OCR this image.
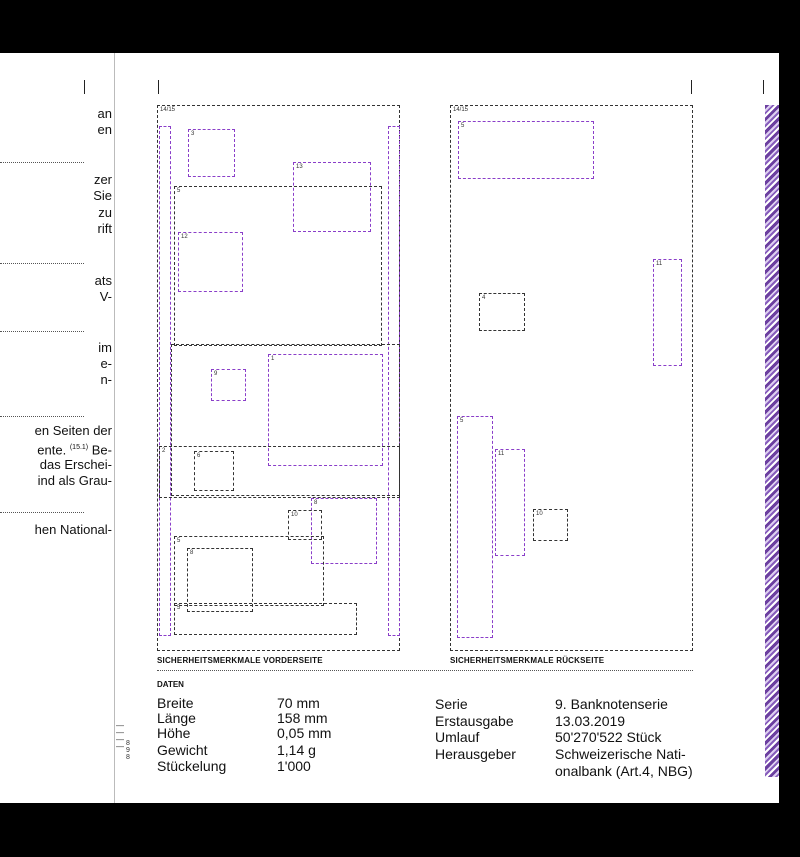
an
en
zer
Sie
zu
rift
ats
V-
im
e-
n-
en Seiten der
ente. $^{(15.1)}$ Be-
das Erschei-
ind als Grau-
hen National-
14/15
3
13
5
12
1
9
2
6
8
10
5
8
5
SICHERHEITSMERKMALE VORDERSEITE
14/15
5
11
4
5
11
10
SICHERHEITSMERKMALE RÜCKSEITE
DATEN
Breite	70 mm
Länge	158 mm
Höhe	0,05 mm
Gewicht	1,14 g
Stückelung	1'000
Serie	9. Banknotenserie
Erstausgabe	13.03.2019
Umlauf	50'270'522 Stück
Herausgeber	Schweizerische Nati-
onalbank (Art.4, NBG)
—
—
—
— 8
9
8
